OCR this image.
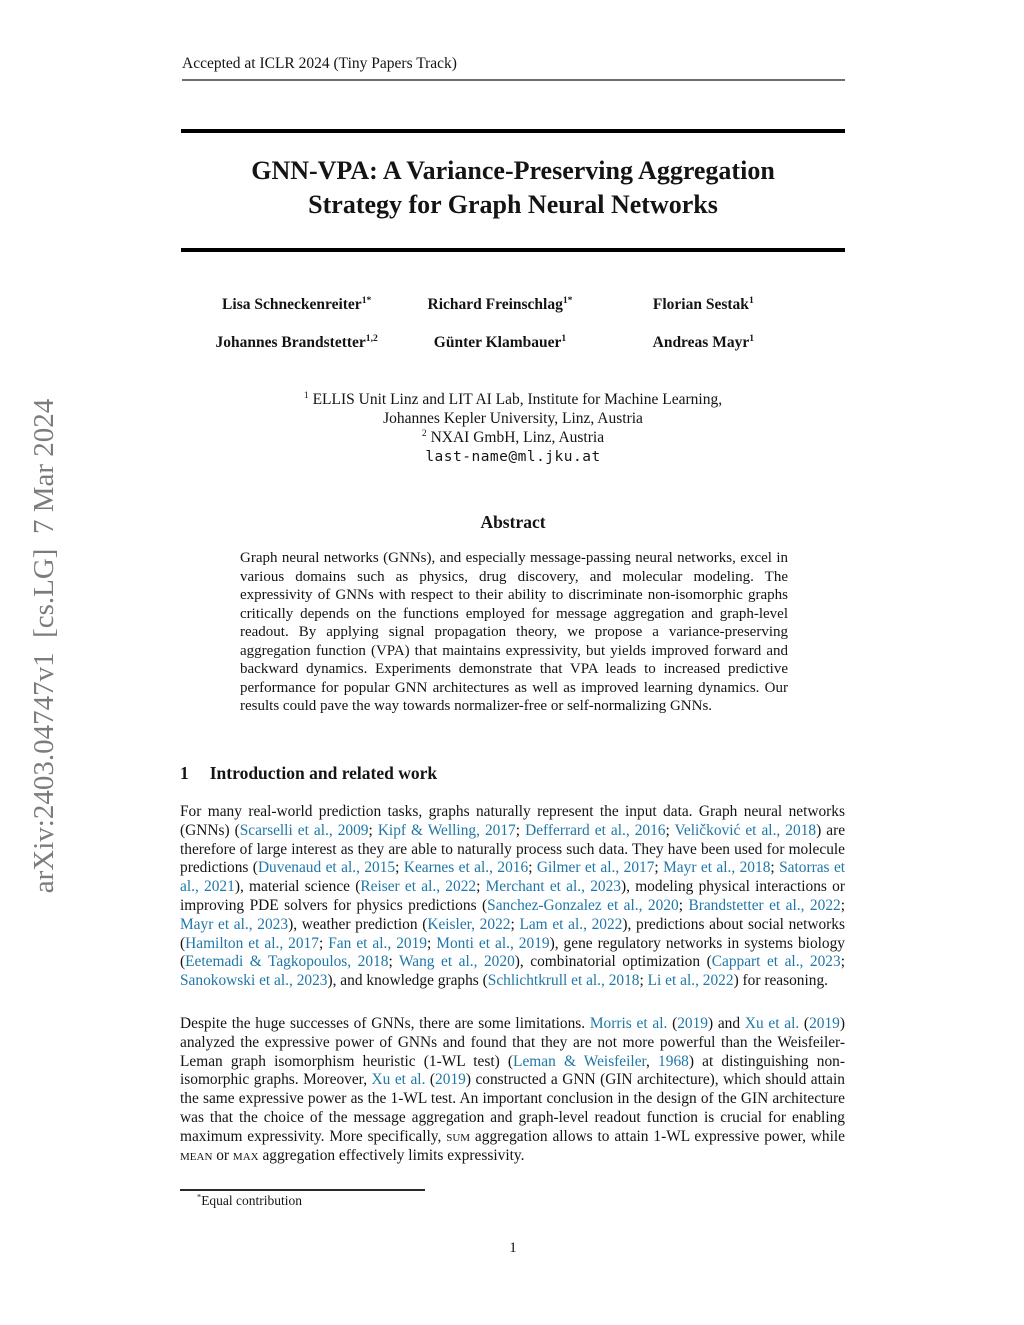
arXiv:2403.04747v1  [cs.LG]  7 Mar 2024
Accepted at ICLR 2024 (Tiny Papers Track)
GNN-VPA: A Variance-Preserving Aggregation
Strategy for Graph Neural Networks
Lisa Schneckenreiter$^{1*}$	Richard Freinschlag$^{1*}$	Florian Sestak$^1$
Johannes Brandstetter$^{1,2}$	Günter Klambauer$^1$	Andreas Mayr$^1$
$^1$ ELLIS Unit Linz and LIT AI Lab, Institute for Machine Learning,
Johannes Kepler University, Linz, Austria
$^2$ NXAI GmbH, Linz, Austria
last-name@ml.jku.at
Abstract
Graph neural networks (GNNs), and especially message-passing neural networks, excel in various domains such as physics, drug discovery, and molecular modeling. The expressivity of GNNs with respect to their ability to discriminate non-isomorphic graphs critically depends on the functions employed for message aggregation and graph-level readout. By applying signal propagation theory, we propose a variance-preserving aggregation function (VPA) that maintains expressivity, but yields improved forward and backward dynamics. Experiments demonstrate that VPA leads to increased predictive performance for popular GNN architectures as well as improved learning dynamics. Our results could pave the way towards normalizer-free or self-normalizing GNNs.
1 Introduction and related work
For many real-world prediction tasks, graphs naturally represent the input data. Graph neural networks (GNNs) (Scarselli et al., 2009; Kipf & Welling, 2017; Defferrard et al., 2016; Veličković et al., 2018) are therefore of large interest as they are able to naturally process such data. They have been used for molecule predictions (Duvenaud et al., 2015; Kearnes et al., 2016; Gilmer et al., 2017; Mayr et al., 2018; Satorras et al., 2021), material science (Reiser et al., 2022; Merchant et al., 2023), modeling physical interactions or improving PDE solvers for physics predictions (Sanchez-Gonzalez et al., 2020; Brandstetter et al., 2022; Mayr et al., 2023), weather prediction (Keisler, 2022; Lam et al., 2022), predictions about social networks (Hamilton et al., 2017; Fan et al., 2019; Monti et al., 2019), gene regulatory networks in systems biology (Eetemadi & Tagkopoulos, 2018; Wang et al., 2020), combinatorial optimization (Cappart et al., 2023; Sanokowski et al., 2023), and knowledge graphs (Schlichtkrull et al., 2018; Li et al., 2022) for reasoning.
Despite the huge successes of GNNs, there are some limitations. Morris et al. (2019) and Xu et al. (2019) analyzed the expressive power of GNNs and found that they are not more powerful than the Weisfeiler-Leman graph isomorphism heuristic (1-WL test) (Leman & Weisfeiler, 1968) at distinguishing non-isomorphic graphs. Moreover, Xu et al. (2019) constructed a GNN (GIN architecture), which should attain the same expressive power as the 1-WL test. An important conclusion in the design of the GIN architecture was that the choice of the message aggregation and graph-level readout function is crucial for enabling maximum expressivity. More specifically, sum aggregation allows to attain 1-WL expressive power, while mean or max aggregation effectively limits expressivity.
*Equal contribution
1
